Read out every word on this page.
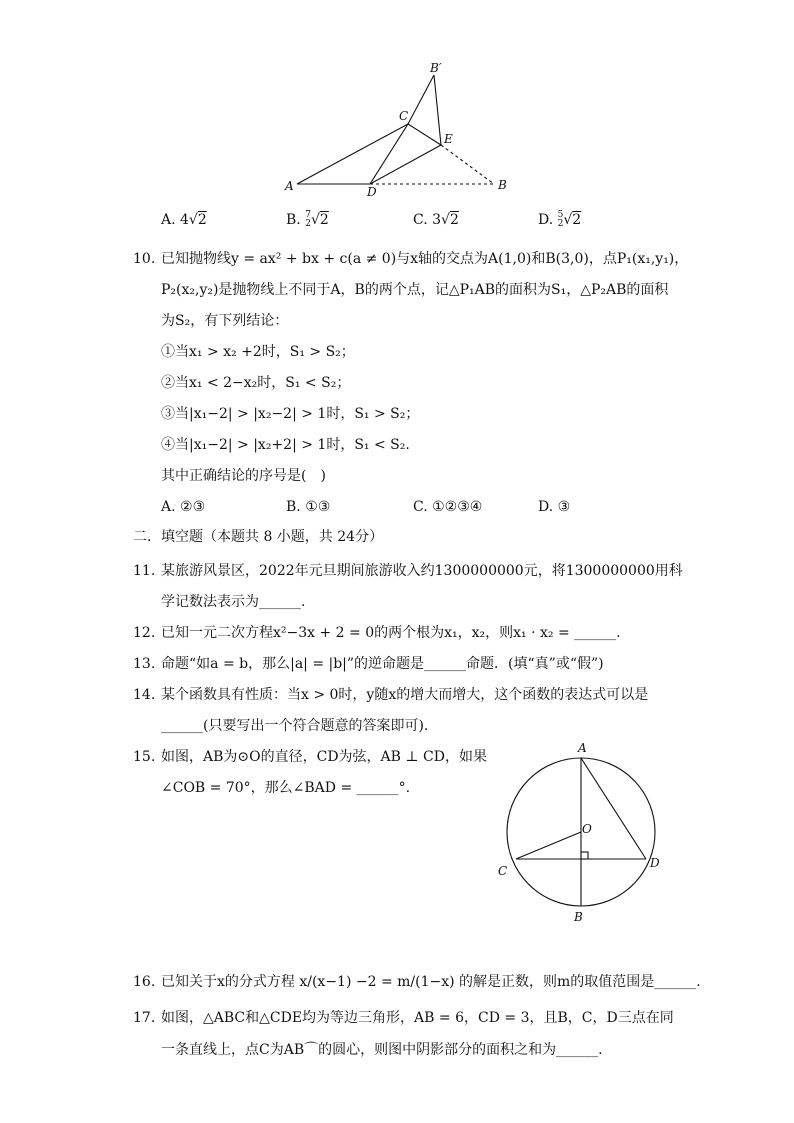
B′
C
E
A	D	B
A. 4√2	B. 7
2√2	C. 3√2	D. 5
2√2
10. 已知抛物线y = ax² + bx + c(a ≠ 0)与x轴的交点为A(1,0)和B(3,0)，点P₁(x₁,y₁)，
P₂(x₂,y₂)是抛物线上不同于A，B的两个点，记△P₁AB的面积为S₁，△P₂AB的面积
为S₂，有下列结论：
①当x₁ > x₂ +2时，S₁ > S₂；
②当x₁ < 2−x₂时，S₁ < S₂；
③当|x₁−2| > |x₂−2| > 1时，S₁ > S₂；
④当|x₁−2| > |x₂+2| > 1时，S₁ < S₂.
其中正确结论的序号是(　)
A. ②③	B. ①③	C. ①②③④	D. ③
二．填空题（本题共 8 小题，共 24分）
11. 某旅游风景区，2022年元旦期间旅游收入约1300000000元，将1300000000用科
学记数法表示为______.
12. 已知一元二次方程x²−3x + 2 = 0的两个根为x₁，x₂，则x₁ · x₂ = ______.
13. 命题“如a = b，那么|a| = |b|”的逆命题是______命题．(填“真”或“假”)
14. 某个函数具有性质：当x > 0时，y随x的增大而增大，这个函数的表达式可以是
______(只要写出一个符合题意的答案即可).
15. 如图，AB为⊙O的直径，CD为弦，AB ⊥ CD，如果
∠COB = 70°，那么∠BAD = ______°.
A
O
C
D
B
16. 已知关于x的分式方程 x/(x−1) −2 = m/(1−x) 的解是正数，则m的取值范围是______.
17. 如图，△ABC和△CDE均为等边三角形，AB = 6，CD = 3，且B，C，D三点在同
一条直线上，点C为AB⌒的圆心，则图中阴影部分的面积之和为______.
